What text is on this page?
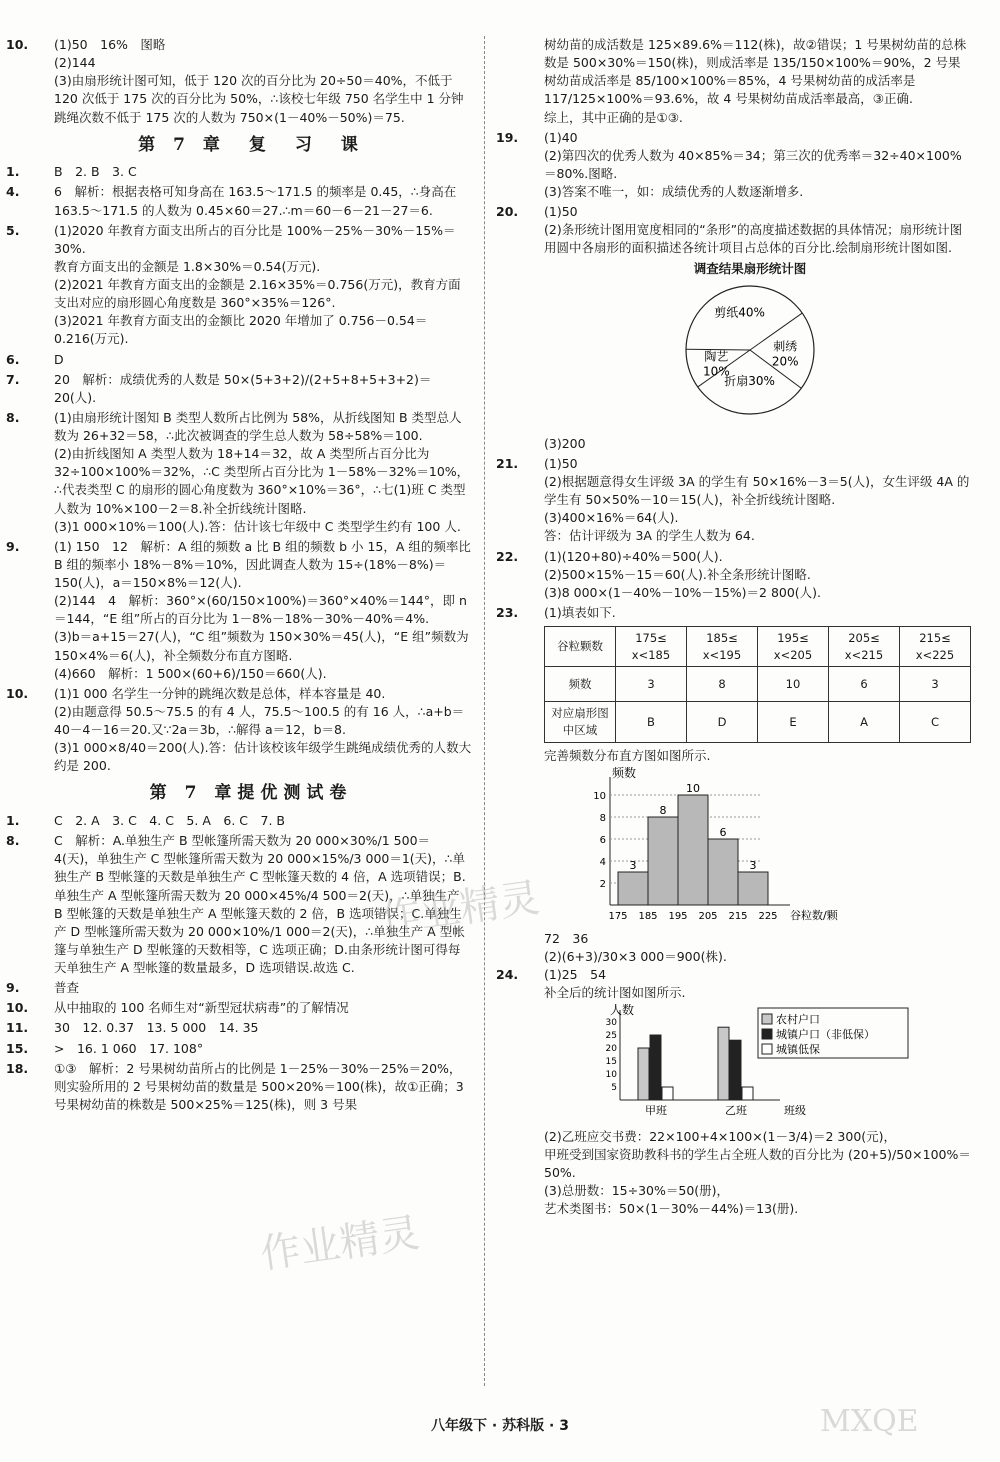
10. (1)50　16%　图略
(2)144
(3)由扇形统计图可知，低于 120 次的百分比为 20÷50＝40%，不低于 120 次低于 175 次的百分比为 50%，∴该校七年级 750 名学生中 1 分钟跳绳次数不低于 175 次的人数为 750×(1－40%－50%)＝75.
第 7 章　复　习　课
1.	B　2. B　3. C
4.	6　解析：根据表格可知身高在 163.5～171.5 的频率是 0.45，∴身高在 163.5～171.5 的人数为 0.45×60＝27.∴m＝60－6－21－27＝6.
5.	(1)2020 年教育方面支出所占的百分比是 100%－25%－30%－15%＝30%.
教育方面支出的金额是 1.8×30%＝0.54(万元).
(2)2021 年教育方面支出的金额是 2.16×35%＝0.756(万元)，教育方面支出对应的扇形圆心角度数是 360°×35%＝126°.
(3)2021 年教育方面支出的金额比 2020 年增加了 0.756－0.54＝0.216(万元).
6.	D
7.	20　解析：成绩优秀的人数是 50×(5+3+2)/(2+5+8+5+3+2)＝20(人).
8.	(1)由扇形统计图知 B 类型人数所占比例为 58%，从折线图知 B 类型总人数为 26+32＝58，∴此次被调查的学生总人数为 58÷58%＝100.
(2)由折线图知 A 类型人数为 18+14＝32，故 A 类型所占百分比为 32÷100×100%＝32%，∴C 类型所占百分比为 1－58%－32%＝10%，∴代表类型 C 的扇形的圆心角度数为 360°×10%＝36°，∴七(1)班 C 类型人数为 10%×100－2＝8.补全折线统计图略.
(3)1 000×10%＝100(人).答：估计该七年级中 C 类型学生约有 100 人.
9.	(1) 150　12　解析：A 组的频数 a 比 B 组的频数 b 小 15，A 组的频率比 B 组的频率小 18%－8%＝10%，因此调查人数为 15÷(18%－8%)＝150(人)，a＝150×8%＝12(人).
(2)144　4　解析：360°×(60/150×100%)＝360°×40%＝144°，即 n＝144，“E 组”所占的百分比为 1－8%－18%－30%－40%＝4%.
(3)b＝a+15＝27(人)，“C 组”频数为 150×30%＝45(人)，“E 组”频数为 150×4%＝6(人)，补全频数分布直方图略.
(4)660　解析：1 500×(60+6)/150＝660(人).
10. (1)1 000 名学生一分钟的跳绳次数是总体，样本容量是 40.
(2)由题意得 50.5～75.5 的有 4 人，75.5～100.5 的有 16 人，∴a+b＝40－4－16＝20.又∵2a＝3b，∴解得 a＝12，b＝8.
(3)1 000×8/40＝200(人).答：估计该校该年级学生跳绳成绩优秀的人数大约是 200.
第 7 章提优测试卷
1.	C　2. A　3. C　4. C　5. A　6. C　7. B
8.	C　解析：A.单独生产 B 型帐篷所需天数为 20 000×30%/1 500＝4(天)，单独生产 C 型帐篷所需天数为 20 000×15%/3 000＝1(天)，∴单独生产 B 型帐篷的天数是单独生产 C 型帐篷天数的 4 倍，A 选项错误；B.单独生产 A 型帐篷所需天数为 20 000×45%/4 500＝2(天)，∴单独生产 B 型帐篷的天数是单独生产 A 型帐篷天数的 2 倍，B 选项错误；C.单独生产 D 型帐篷所需天数为 20 000×10%/1 000＝2(天)，∴单独生产 A 型帐篷与单独生产 D 型帐篷的天数相等，C 选项正确；D.由条形统计图可得每天单独生产 A 型帐篷的数量最多，D 选项错误.故选 C.
9.	普查
10. 从中抽取的 100 名师生对“新型冠状病毒”的了解情况
11. 30　12. 0.37　13. 5 000　14. 35
15. >　16. 1 060　17. 108°
18. ①③　解析：2 号果树幼苗所占的比例是 1－25%－30%－25%＝20%，则实验所用的 2 号果树幼苗的数量是 500×20%＝100(株)，故①正确；3 号果树幼苗的株数是 500×25%＝125(株)，则 3 号果
树幼苗的成活数是 125×89.6%＝112(株)，故②错误；1 号果树幼苗的总株数是 500×30%＝150(株)，则成活率是 135/150×100%＝90%，2 号果树幼苗成活率是 85/100×100%＝85%，4 号果树幼苗的成活率是 117/125×100%＝93.6%，故 4 号果树幼苗成活率最高，③正确.
综上，其中正确的是①③.
19. (1)40
(2)第四次的优秀人数为 40×85%＝34；第三次的优秀率＝32÷40×100%＝80%.图略.
(3)答案不唯一，如：成绩优秀的人数逐渐增多.
20. (1)50
(2)条形统计图用宽度相同的“条形”的高度描述数据的具体情况；扇形统计图用圆中各扇形的面积描述各统计项目占总体的百分比.绘制扇形统计图如图.
调查结果扇形统计图
剪纸40%
刺绣
20%
折扇30%
陶艺
10%
(3)200
21. (1)50
(2)根据题意得女生评级 3A 的学生有 50×16%－3＝5(人)，女生评级 4A 的学生有 50×50%－10＝15(人)，补全折线统计图略.
(3)400×16%＝64(人).
答：估计评级为 3A 的学生人数为 64.
22. (1)(120+80)÷40%＝500(人).
(2)500×15%－15＝60(人).补全条形统计图略.
(3)8 000×(1－40%－10%－15%)＝2 800(人).
23. (1)填表如下.
谷粒颗数	175≤ x<185	185≤ x<195	195≤ x<205	205≤ x<215	215≤ x<225
频数	3	8	10	6	3
对应扇形图中区域	B	D	E	A	C
完善频数分布直方图如图所示.
频数
2
4
6
8
10
3
8
10
6
3
175 185 195 205 215 225 谷粒数/颗
72　36
(2)(6+3)/30×3 000＝900(株).
24. (1)25　54
补全后的统计图如图所示.
人数
5
10
15
20
25
30
甲班	乙班	班级
农村户口
城镇户口（非低保）
城镇低保
(2)乙班应交书费：22×100+4×100×(1－3/4)＝2 300(元)，
甲班受到国家资助教科书的学生占全班人数的百分比为 (20+5)/50×100%＝50%.
(3)总册数：15÷30%＝50(册)，
艺术类图书：50×(1－30%－44%)＝13(册).
八年级下 · 苏科版 · 3
作业精灵
作业精灵
MXQE
